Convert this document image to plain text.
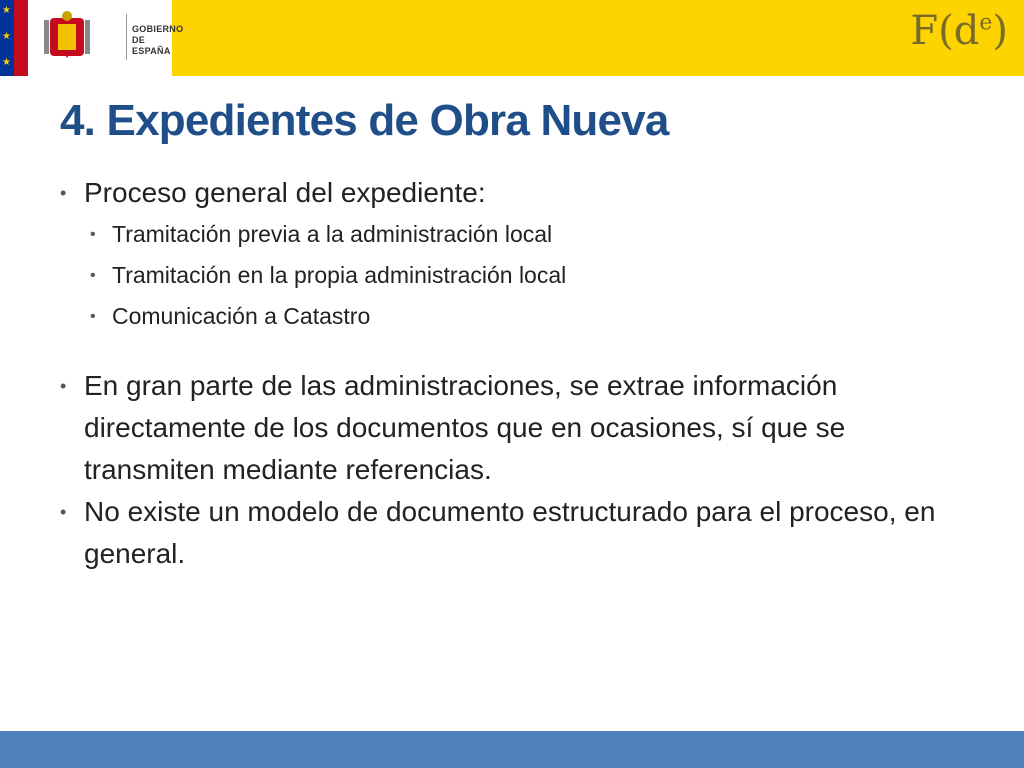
★
★
★
GOBIERNO
DE ESPAÑA	$F(d^e)$
4. Expedientes de Obra Nueva
• Proceso general del expediente:
• Tramitación previa a la administración local
• Tramitación en la propia administración local
• Comunicación a Catastro
• En gran parte de las administraciones, se extrae información directamente de los documentos que en ocasiones, sí que se transmiten mediante referencias.
• No existe un modelo de documento estructurado para el proceso, en general.
